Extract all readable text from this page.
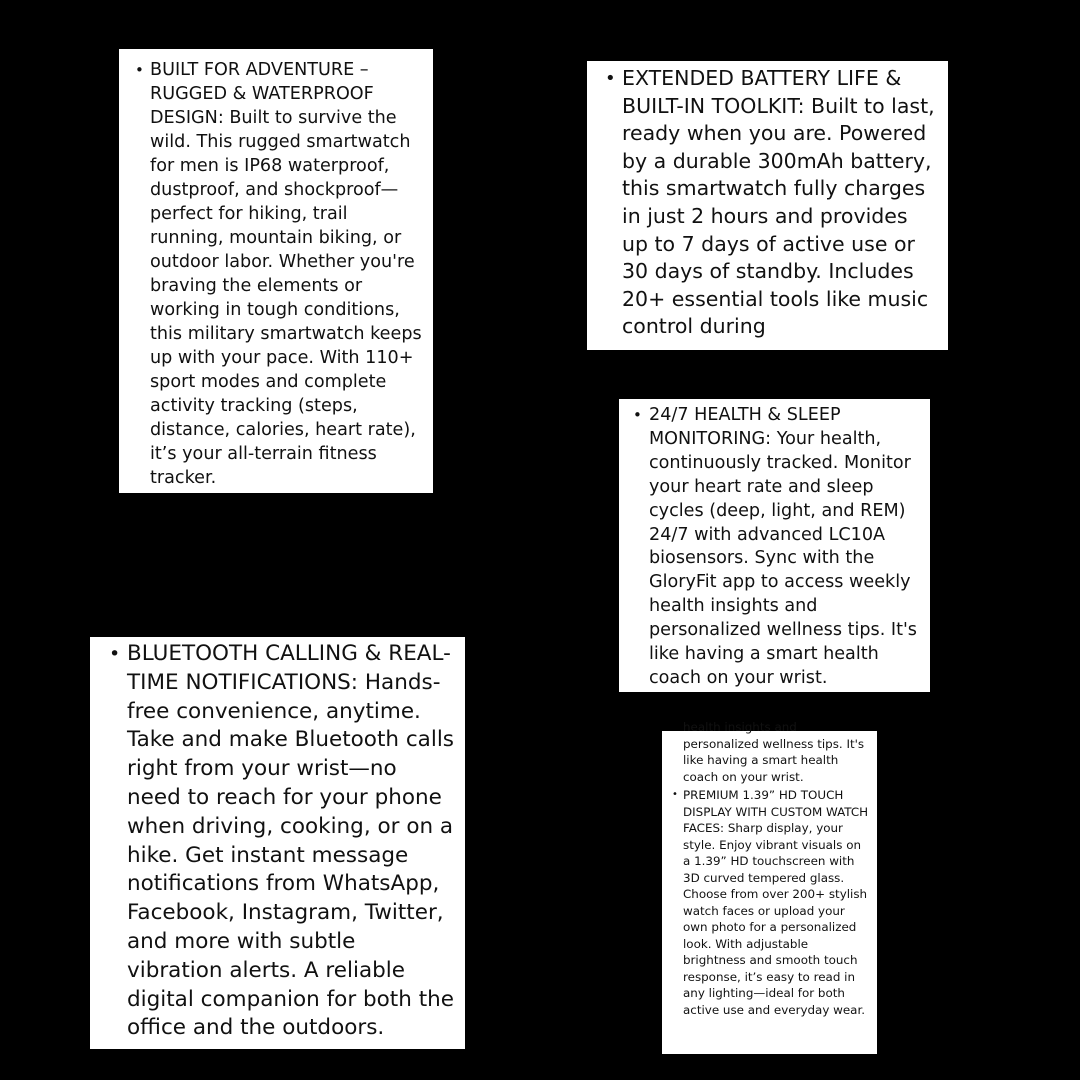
• BUILT FOR ADVENTURE – RUGGED & WATERPROOF DESIGN: Built to survive the wild. This rugged smartwatch for men is IP68 waterproof, dustproof, and shockproof—perfect for hiking, trail running, mountain biking, or outdoor labor. Whether you're braving the elements or working in tough conditions, this military smartwatch keeps up with your pace. With 110+ sport modes and complete activity tracking (steps, distance, calories, heart rate), it’s your all-terrain fitness tracker.
• EXTENDED BATTERY LIFE & BUILT-IN TOOLKIT: Built to last, ready when you are. Powered by a durable 300mAh battery, this smartwatch fully charges in just 2 hours and provides up to 7 days of active use or 30 days of standby. Includes 20+ essential tools like music control during
• 24/7 HEALTH & SLEEP MONITORING: Your health, continuously tracked. Monitor your heart rate and sleep cycles (deep, light, and REM) 24/7 with advanced LC10A biosensors. Sync with the GloryFit app to access weekly health insights and personalized wellness tips. It's like having a smart health coach on your wrist.
• BLUETOOTH CALLING & REAL-TIME NOTIFICATIONS: Hands-free convenience, anytime. Take and make Bluetooth calls right from your wrist—no need to reach for your phone when driving, cooking, or on a hike. Get instant message notifications from WhatsApp, Facebook, Instagram, Twitter, and more with subtle vibration alerts. A reliable digital companion for both the office and the outdoors.
health insights and personalized wellness tips. It's like having a smart health coach on your wrist.
• PREMIUM 1.39” HD TOUCH DISPLAY WITH CUSTOM WATCH FACES: Sharp display, your style. Enjoy vibrant visuals on a 1.39” HD touchscreen with 3D curved tempered glass. Choose from over 200+ stylish watch faces or upload your own photo for a personalized look. With adjustable brightness and smooth touch response, it’s easy to read in any lighting—ideal for both active use and everyday wear.
